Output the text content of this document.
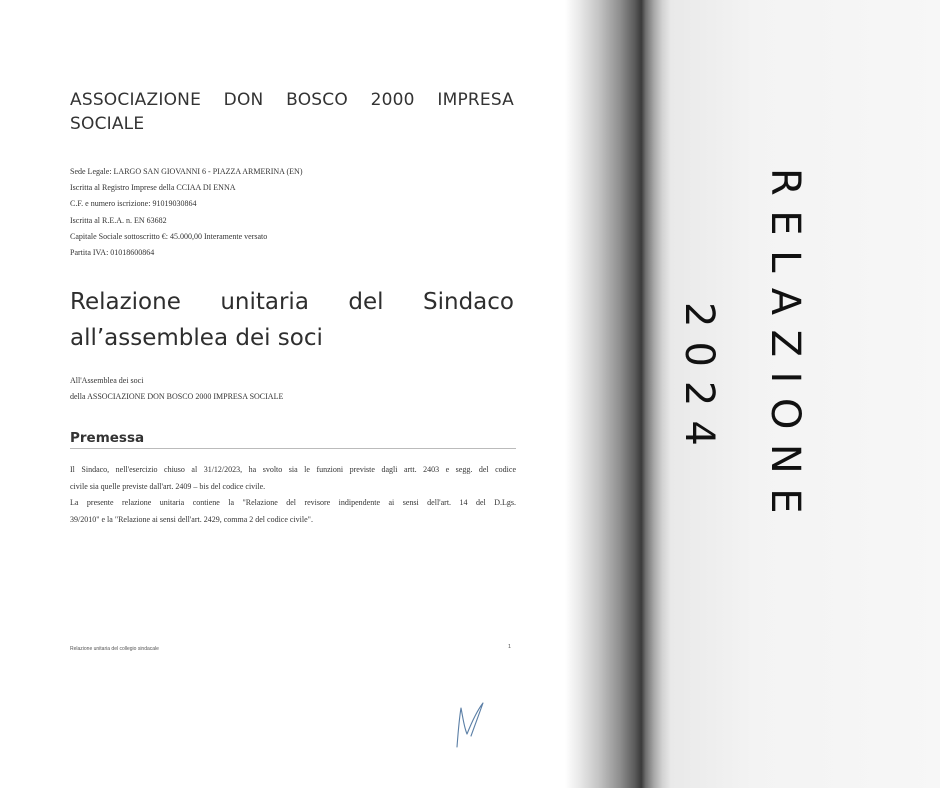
ASSOCIAZIONE DON BOSCO 2000 IMPRESA SOCIALE
Sede Legale: LARGO SAN GIOVANNI 6 - PIAZZA ARMERINA (EN)
Iscritta al Registro Imprese della CCIAA DI ENNA
C.F. e numero iscrizione: 91019030864
Iscritta al R.E.A. n. EN 63682
Capitale Sociale sottoscritto €: 45.000,00 Interamente versato
Partita IVA: 01018600864
Relazione unitaria del Sindaco all’assemblea dei soci
All'Assemblea dei soci
della ASSOCIAZIONE DON BOSCO 2000 IMPRESA SOCIALE
Premessa
Il Sindaco, nell'esercizio chiuso al 31/12/2023, ha svolto sia le funzioni previste dagli artt. 2403 e segg. del codice
civile sia quelle previste dall'art. 2409 – bis del codice civile.
La presente relazione unitaria contiene la "Relazione del revisore indipendente ai sensi dell'art. 14 del D.Lgs.
39/2010" e la "Relazione ai sensi dell'art. 2429, comma 2 del codice civile".
Relazione unitaria del collegio sindacale	1
RELAZIONE
2024
